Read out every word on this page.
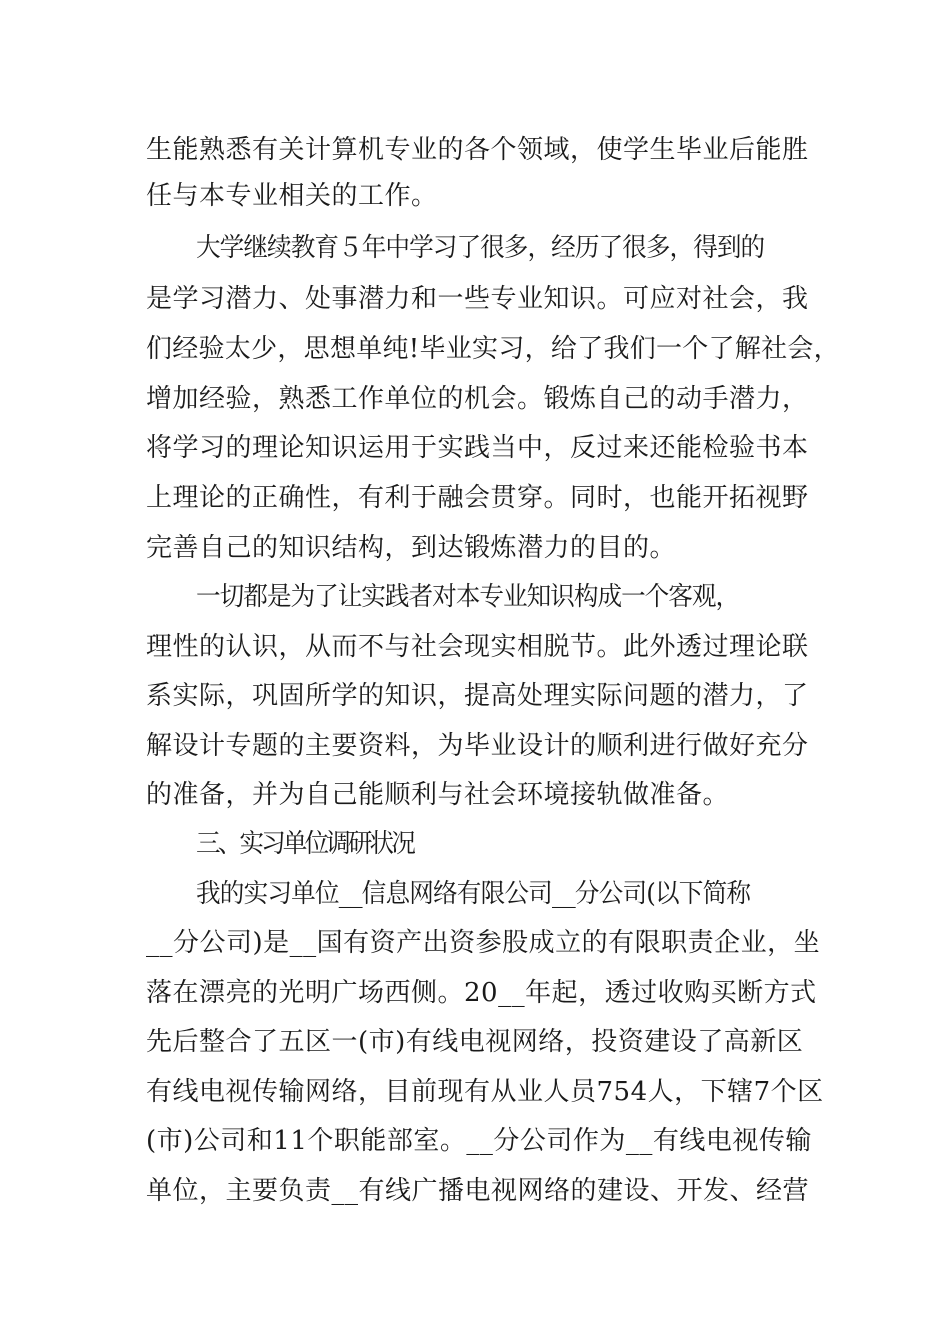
生能熟悉有关计算机专业的各个领域，使学生毕业后能胜
任与本专业相关的工作。
大学继续教育５年中学习了很多，经历了很多，得到的
是学习潜力、处事潜力和一些专业知识。可应对社会，我
们经验太少，思想单纯!毕业实习，给了我们一个了解社会，
增加经验，熟悉工作单位的机会。锻炼自己的动手潜力，
将学习的理论知识运用于实践当中，反过来还能检验书本
上理论的正确性，有利于融会贯穿。同时，也能开拓视野
完善自己的知识结构，到达锻炼潜力的目的。
一切都是为了让实践者对本专业知识构成一个客观，
理性的认识，从而不与社会现实相脱节。此外透过理论联
系实际，巩固所学的知识，提高处理实际问题的潜力，了
解设计专题的主要资料，为毕业设计的顺利进行做好充分
的准备，并为自己能顺利与社会环境接轨做准备。
三、实习单位调研状况
我的实习单位__信息网络有限公司__分公司(以下简称
__分公司)是__国有资产出资参股成立的有限职责企业，坐
落在漂亮的光明广场西侧。20__年起，透过收购买断方式
先后整合了五区一(市)有线电视网络，投资建设了高新区
有线电视传输网络，目前现有从业人员754人，下辖7个区
(市)公司和11个职能部室。__分公司作为__有线电视传输
单位，主要负责__有线广播电视网络的建设、开发、经营
